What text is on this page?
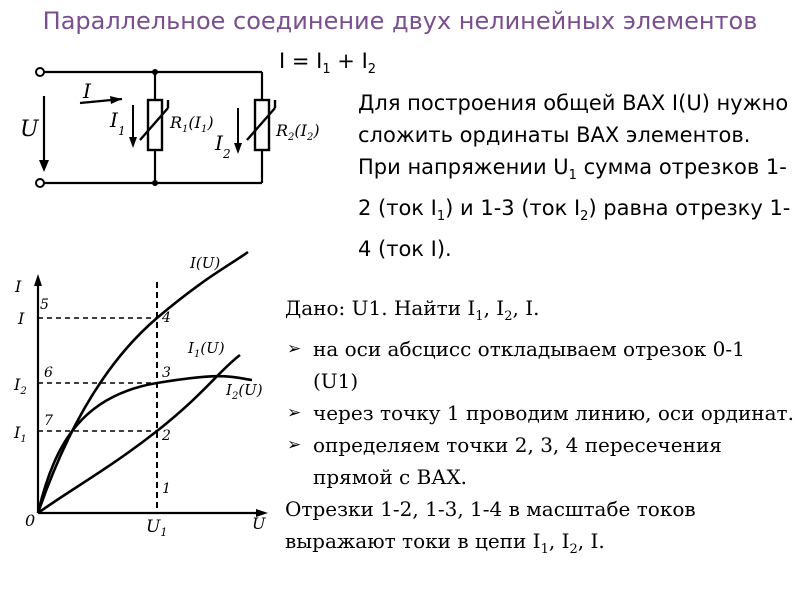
Параллельное соединение двух нелинейных элементов
I
U	I 1	I 2
$R_1(I_1)$	$R_2(I_2)$
I
U
0	$U_1$
I
$I_2$
$I_1$
5
6
7
1
2
3
4
I(U)
$I_1(U)$
$I_2(U)$
$I = I_1 + I_2$

Для построения общей ВАХ I(U) нужно сложить ординаты ВАХ элементов.

При напряжении $U_1$ сумма отрезков 1-2 (ток $I_1$) и 1-3 (ток $I_2$) равна отрезку 1-4 (ток I).

Дано: U1. Найти $I_1$, $I_2$, I.

➢ на оси абсцисс откладываем отрезок 0-1 (U1)
➢ через точку 1 проводим линию, оси ординат.
➢ определяем точки 2, 3, 4 пересечения прямой с ВАХ.

Отрезки 1-2, 1-3, 1-4 в масштабе токов выражают токи в цепи $I_1$, $I_2$, I.
